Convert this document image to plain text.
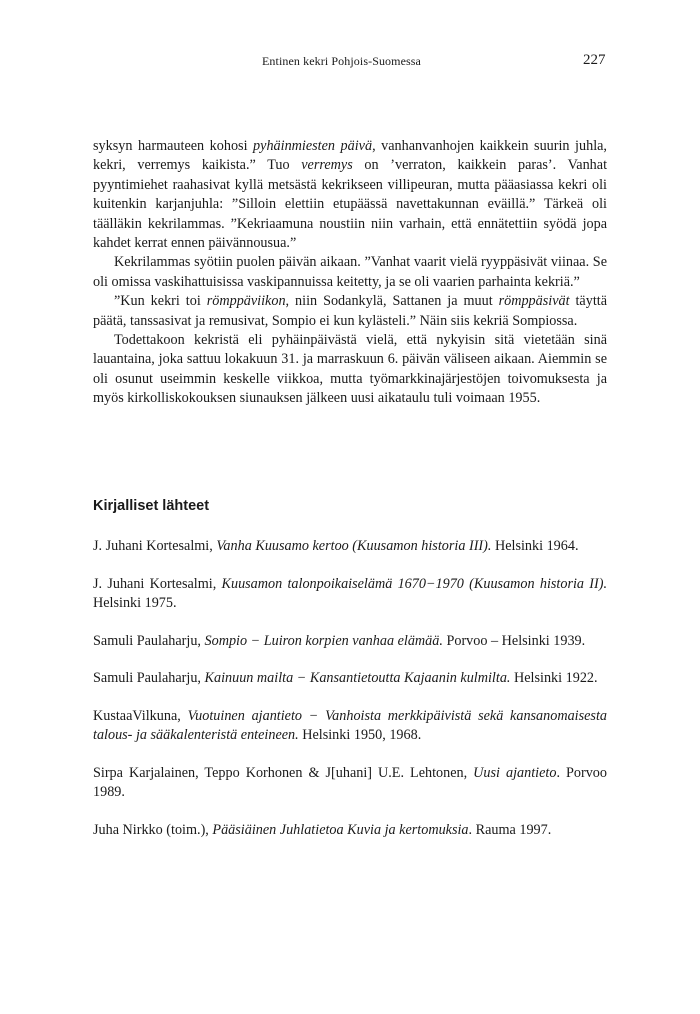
Entinen kekri Pohjois-Suomessa	227

syksyn harmauteen kohosi pyhäinmiesten päivä, vanhanvanhojen kaikkein suurin juhla, kekri, verremys kaikista.” Tuo verremys on ’verraton, kaikkein paras’. Vanhat pyyntimiehet raahasivat kyllä metsästä kekrikseen villipeuran, mutta pääasiassa kekri oli kuitenkin karjanjuhla: ”Silloin elettiin etupäässä navettakunnan eväillä.” Tärkeä oli täälläkin kekrilammas. ”Kekriaamuna noustiin niin varhain, että ennätettiin syödä jopa kahdet kerrat ennen päivännousua.”

Kekrilammas syötiin puolen päivän aikaan. ”Vanhat vaarit vielä ryyppäsivät viinaa. Se oli omissa vaskihattuisissa vaskipannuissa keitetty, ja se oli vaarien parhainta kekriä.”

”Kun kekri toi römppäviikon, niin Sodankylä, Sattanen ja muut römppäsivät täyttä päätä, tanssasivat ja remusivat, Sompio ei kun kylästeli.” Näin siis kekriä Sompiossa.

Todettakoon kekristä eli pyhäinpäivästä vielä, että nykyisin sitä vietetään sinä lauantaina, joka sattuu lokakuun 31. ja marraskuun 6. päivän väliseen aikaan. Aiemmin se oli osunut useimmin keskelle viikkoa, mutta työmarkkinajärjestöjen toivomuksesta ja myös kirkolliskokouksen siunauksen jälkeen uusi aikataulu tuli voimaan 1955.

Kirjalliset lähteet

J. Juhani Kortesalmi, Vanha Kuusamo kertoo (Kuusamon historia III). Helsinki 1964.

J. Juhani Kortesalmi, Kuusamon talonpoikaiselämä 1670−1970 (Kuusamon historia II). Helsinki 1975.

Samuli Paulaharju, Sompio − Luiron korpien vanhaa elämää. Porvoo – Helsinki 1939.

Samuli Paulaharju, Kainuun mailta − Kansantietoutta Kajaanin kulmilta. Helsinki 1922.

KustaaVilkuna, Vuotuinen ajantieto − Vanhoista merkkipäivistä sekä kansanomaisesta talous- ja sääkalenteristä enteineen. Helsinki 1950, 1968.

Sirpa Karjalainen, Teppo Korhonen & J[uhani] U.E. Lehtonen, Uusi ajantieto. Porvoo 1989.

Juha Nirkko (toim.), Pääsiäinen Juhlatietoa Kuvia ja kertomuksia. Rauma 1997.
